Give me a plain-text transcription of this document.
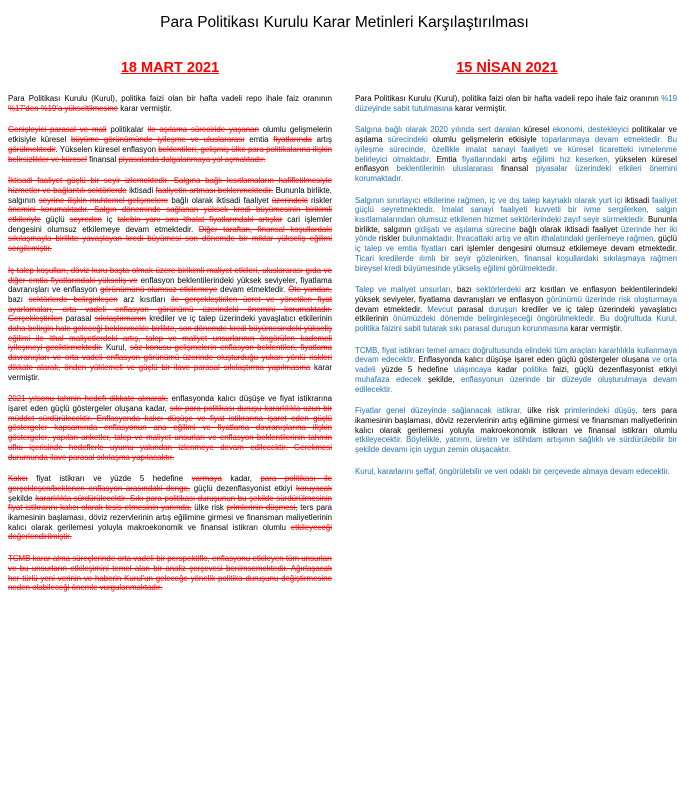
Para Politikası Kurulu Karar Metinleri Karşılaştırılması
18 MART 2021	15 NİSAN 2021

Para Politikası Kurulu (Kurul), politika faizi olan bir hafta vadeli repo ihale faiz oranının %17'den %19'a yükseltilmesine karar vermiştir.

Genişleyici parasal ve mali politikalar ile aşılama süreciride yaşanan olumlu gelişmelerin etkisiyle küresel büyüme görünümünde iyileşme ve uluslararası emtia fiyatlarında artış görülmektedir. Yükselen küresel enflasyon beklentileri, gelişmiş ülke para politikalarına ilişkin belirsizlikler ve küresel finansal piyasalarda dalgalanmaya yol açmaktadır.

İktisadi faaliyet güçlü bir seyir izlemektedir. Salgına bağlı kısıtlamaların hafifletilmesiyle hizmetler ve bağlantılı sektörlerde iktisadi faaliyetin artması beklenmektedir. Bununla birlikte, salgının seyrine ilişkin muhtemel gelişmelere bağlı olarak iktisadi faaliyet üzerindeki riskler önemini korumaktadır. Salgın döneminde sağlanan yüksek kredi büyümesinin birikimli etkileriyle güçlü seyreden iç talebin yanı sıra ithalat fiyatlarındaki artışlar cari işlemler dengesini olumsuz etkilemeye devam etmektedir. Diğer taraftan, finansal koşullardaki sıkılaşmayla birlikte yavaşlayan kredi büyümesi son dönemde bir miktar yükseliş eğilimi sergilemiştir.

İç talep koşulları, döviz kuru başta olmak üzere birikimli maliyet etkileri, uluslararası gıda ve diğer emtia fiyatlarındaki yükseliş ve enflasyon beklentilerindeki yüksek seviyeler, fiyatlama davranışları ve enflasyon görünümünü olumsuz etkilemeye devam etmektedir. Öte yandan, bazı sektörlerde belirginleşen arz kısıtları ile gerçekleştirilen ücret ve yönetilen fiyat ayarlamaları, orta vadeli enflasyon görünümü üzerindeki önemini korumaktadır. Gerçekleştirilen parasal sıkılaştırmanın krediler ve iç talep üzerindeki yavaşlatıcı etkilerinin daha belirgin hale geleceği beklenmekle birlikte, son dönemde kredi büyümesindeki yükseliş eğilimi ile ithal maliyetlerdeki artış, talep ve maliyet unsurlarının öngörülen kademeli iyileşmeyi geciktirmektedir. Kurul, söz konusu gelişmelerin enflasyon beklentileri, fiyatlama davranışları ve orta vadeli enflasyon görünümü üzerinde oluşturduğu yukarı yönlü riskleri dikkate alarak, önden yüklemeli ve güçlü bir ilave parasal sıkılaştırma yapılmasına karar vermiştir.

2021 yılsonu tahmin hedefi dikkate alınarak, enflasyonda kalıcı düşüşe ve fiyat istikrarına işaret eden güçlü göstergeler oluşana kadar, sıkı para politikası duruşu kararlılıkla uzun bir müddet sürdürülecektir. Enflasyonda kalıcı düşüşe ve fiyat istikrarına işaret eden güçlü göstergeler kapsamında enflasyonun ana eğilimi ve fiyatlama davranışlarına ilişkin göstergeler, yapılan anketler, talep ve maliyet unsurları ve enflasyon beklentilerinin tahmin ufku içerisinde hedeflerle uyumu yakından izlenmeye devam edilecektir. Gerekmesi durumunda ilave parasal sıkılaşma yapılacaktır.

Kalıcı fiyat istikrarı ve yüzde 5 hedefine varmaya kadar, para politikası ile gerçekleşen/beklenen enflasyon arasındaki denge, güçlü dezenflasyonist etkiyi koruyacak şekilde kararlılıkla sürdürülecektir. Sıkı para politikası duruşunun bu şekilde sürdürülmesinin fiyat istikrarını kalıcı olarak tesis etmesinin yanında, ülke risk primlerinin düşmesi, ters para ikamesinin başlaması, döviz rezervlerinin artış eğilimine girmesi ve finansman maliyetlerinin kalıcı olarak gerilemesi yoluyla makroekonomik ve finansal istikrarı olumlu etkileyeceği değerlendirilmiştir.

TCMB karar alma süreçlerinde orta vadeli bir perspektifle, enflasyonu etkileyen tüm unsurları ve bu unsurların etkileşimini temel alan bir analiz çerçevesi benimsemektedir. Ağırlaşacak her türlü yeni verinin ve haberin Kurul'un geleceğe yönelik politika duruşunu değiştirmesine neden olabileceği önemle vurgulanmaktadır.

Para Politikası Kurulu (Kurul), politika faizi olan bir hafta vadeli repo ihale faiz oranının %19 düzeyinde sabit tutulmasına karar vermiştir.

Salgına bağlı olarak 2020 yılında sert daralan küresel ekonomi, destekleyici politikalar ve aşılama sürecindeki olumlu gelişmelerin etkisiyle toparlanmaya devam etmektedir. Bu iyileşme sürecinde, özellikle imalat sanayi faaliyeti ve küresel ticaretteki ivmelenme belirleyici olmaktadır. Emtia fiyatlarındaki artış eğilimi hız keserken, yükselen küresel enflasyon beklentilerinin uluslararası finansal piyasalar üzerindeki etkileri önemini korumaktadır.

Salgının sınırlayıcı etkilerine rağmen, iç ve dış talep kaynaklı olarak yurt içi iktisadi faaliyet güçlü seyretmektedir. İmalat sanayi faaliyeti kuvvetli bir ivme sergilerken, salgın kısıtlamalarından olumsuz etkilenen hizmet sektörlerindeki zayıf seyir sürmektedir. Bununla birlikte, salgının gidişatı ve aşılama sürecine bağlı olarak iktisadi faaliyet üzerinde her iki yönde riskler bulunmaktadır. İhracattaki artış ve altın ithalatındaki gerilemeye rağmen, güçlü iç talep ve emtia fiyatları cari işlemler dengesini olumsuz etkilemeye devam etmektedir. Ticari kredilerde ılımlı bir seyir gözlenirken, finansal koşullardaki sıkılaşmaya rağmen bireysel kredi büyümesinde yükseliş eğilimi görülmektedir.

Talep ve maliyet unsurları, bazı sektörlerdeki arz kısıtları ve enflasyon beklentilerindeki yüksek seviyeler, fiyatlama davranışları ve enflasyon görünümü üzerinde risk oluşturmaya devam etmektedir. Mevcut parasal duruşun krediler ve iç talep üzerindeki yavaşlatıcı etkilerinin önümüzdeki dönemde belirginleşeceği öngörülmektedir. Bu doğrultuda Kurul, politika faizini sabit tutarak sıkı parasal duruşun korunmasına karar vermiştir.

TCMB, fiyat istikrarı temel amacı doğrultusunda elindeki tüm araçları kararlılıkla kullanmaya devam edecektir. Enflasyonda kalıcı düşüşe işaret eden güçlü göstergeler oluşana ve orta vadeli yüzde 5 hedefine ulaşıncaya kadar politika faizi, güçlü dezenflasyonist etkiyi muhafaza edecek şekilde, enflasyonun üzerinde bir düzeyde oluşturulmaya devam edilecektir.

Fiyatlar genel düzeyinde sağlanacak istikrar, ülke risk primlerindeki düşüş, ters para ikamesinin başlaması, döviz rezervlerinin artış eğilimine girmesi ve finansman maliyetlerinin kalıcı olarak gerilemesi yoluyla makroekonomik istikrarı ve finansal istikrarı olumlu etkileyecektir. Böylelikle, yatırım, üretim ve istihdam artışının sağlıklı ve sürdürülebilir bir şekilde devamı için uygun zemin oluşacaktır.

Kurul, kararlarını şeffaf, öngörülebilir ve veri odaklı bir çerçevede almaya devam edecektir.
